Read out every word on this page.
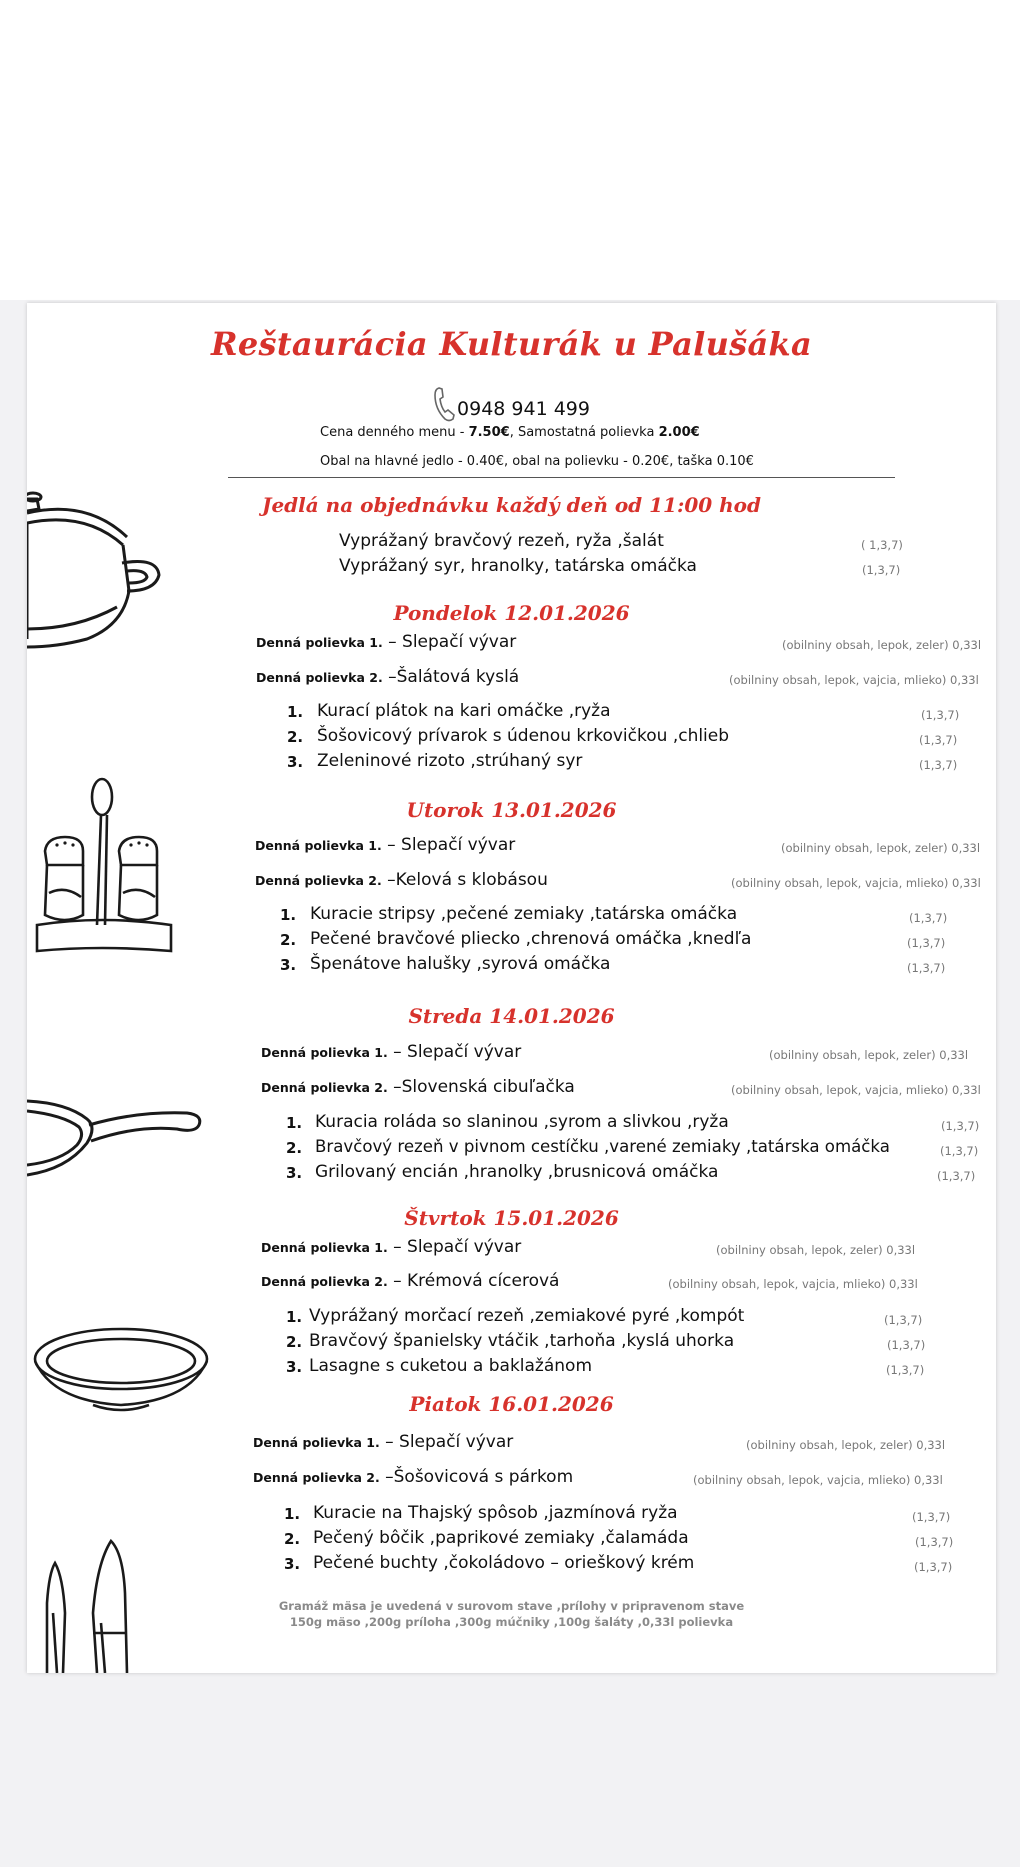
Reštaurácia Kulturák u Palušáka
0948 941 499
Cena denného menu - 7.50€, Samostatná polievka 2.00€
Obal na hlavné jedlo - 0.40€, obal na polievku - 0.20€, taška 0.10€
Jedlá na objednávku každý deň od 11:00 hod
Vyprážaný bravčový rezeň, ryža ,šalát	( 1,3,7)
Vyprážaný syr, hranolky, tatárska omáčka	(1,3,7)
Pondelok 12.01.2026
Denná polievka 1. – Slepačí vývar	(obilniny obsah, lepok, zeler) 0,33l
Denná polievka 2. –Šalátová kyslá	(obilniny obsah, lepok, vajcia, mlieko) 0,33l
1. Kurací plátok na kari omáčke ,ryža	(1,3,7)
2. Šošovicový prívarok s údenou krkovičkou ,chlieb	(1,3,7)
3. Zeleninové rizoto ,strúhaný syr	(1,3,7)
Utorok 13.01.2026
Denná polievka 1. – Slepačí vývar	(obilniny obsah, lepok, zeler) 0,33l
Denná polievka 2. –Kelová s klobásou	(obilniny obsah, lepok, vajcia, mlieko) 0,33l
1. Kuracie stripsy ,pečené zemiaky ,tatárska omáčka	(1,3,7)
2. Pečené bravčové pliecko ,chrenová omáčka ,knedľa	(1,3,7)
3. Špenátove halušky ,syrová omáčka	(1,3,7)
Streda 14.01.2026
Denná polievka 1. – Slepačí vývar	(obilniny obsah, lepok, zeler) 0,33l
Denná polievka 2. –Slovenská cibuľačka	(obilniny obsah, lepok, vajcia, mlieko) 0,33l
1. Kuracia roláda so slaninou ,syrom a slivkou ,ryža	(1,3,7)
2. Bravčový rezeň v pivnom cestíčku ,varené zemiaky ,tatárska omáčka	(1,3,7)
3. Grilovaný encián ,hranolky ,brusnicová omáčka	(1,3,7)
Štvrtok 15.01.2026
Denná polievka 1. – Slepačí vývar	(obilniny obsah, lepok, zeler) 0,33l
Denná polievka 2. – Krémová cícerová	(obilniny obsah, lepok, vajcia, mlieko) 0,33l
1. Vyprážaný morčací rezeň ,zemiakové pyré ,kompót	(1,3,7)
2. Bravčový španielsky vtáčik ,tarhoňa ,kyslá uhorka	(1,3,7)
3. Lasagne s cuketou a baklažánom	(1,3,7)
Piatok 16.01.2026
Denná polievka 1. – Slepačí vývar	(obilniny obsah, lepok, zeler) 0,33l
Denná polievka 2. –Šošovicová s párkom	(obilniny obsah, lepok, vajcia, mlieko) 0,33l
1. Kuracie na Thajský spôsob ,jazmínová ryža	(1,3,7)
2. Pečený bôčik ,paprikové zemiaky ,čalamáda	(1,3,7)
3. Pečené buchty ,čokoládovo – orieškový krém	(1,3,7)
Gramáž mäsa je uvedená v surovom stave ,prílohy v pripravenom stave
150g mäso ,200g príloha ,300g múčniky ,100g šaláty ,0,33l polievka
